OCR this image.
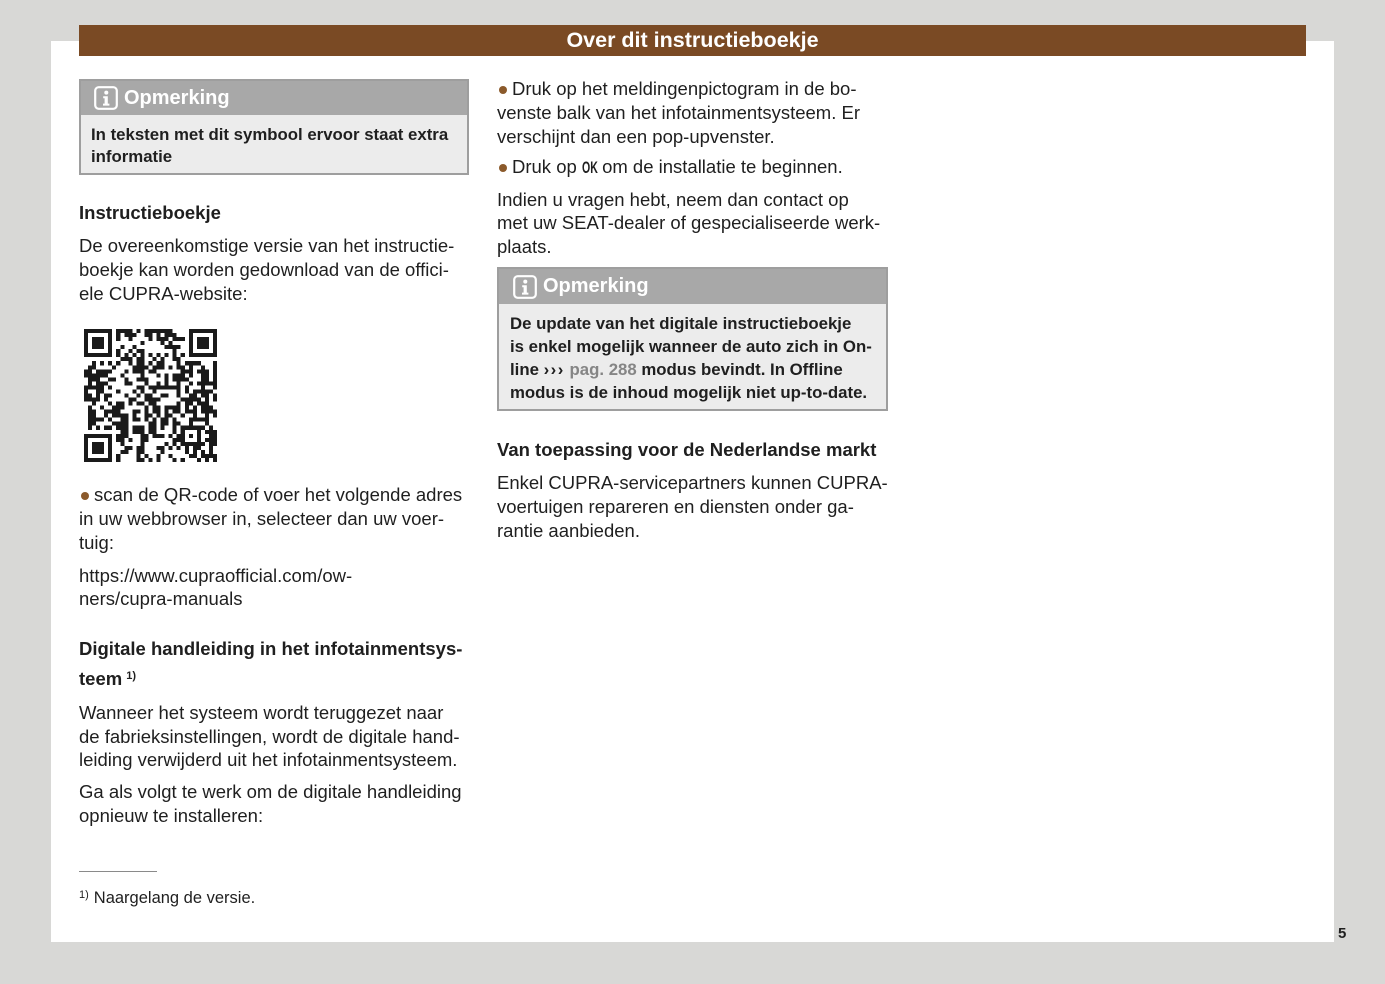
Over dit instructieboekje
Opmerking
In teksten met dit symbool ervoor staat extra
informatie
Instructieboekje
De overeenkomstige versie van het instructie-
boekje kan worden gedownload van de offici-
ele CUPRA-website:
scan de QR-code of voer het volgende adres
in uw webbrowser in, selecteer dan uw voer-
tuig:
https://www.cupraofficial.com/ow-
ners/cupra-manuals
Digitale handleiding in het infotainmentsys-
teem $^{1)}$
Wanneer het systeem wordt teruggezet naar
de fabrieksinstellingen, wordt de digitale hand-
leiding verwijderd uit het infotainmentsysteem.
Ga als volgt te werk om de digitale handleiding
opnieuw te installeren:
$^{1)}$ Naargelang de versie.
Druk op het meldingenpictogram in de bo-
venste balk van het infotainmentsysteem. Er
verschijnt dan een pop-upvenster.
Druk op OK om de installatie te beginnen.
Indien u vragen hebt, neem dan contact op
met uw SEAT-dealer of gespecialiseerde werk-
plaats.
Opmerking
De update van het digitale instructieboekje
is enkel mogelijk wanneer de auto zich in On-
line ››› pag. 288 modus bevindt. In Offline
modus is de inhoud mogelijk niet up-to-date.
Van toepassing voor de Nederlandse markt
Enkel CUPRA-servicepartners kunnen CUPRA-
voertuigen repareren en diensten onder ga-
rantie aanbieden.
5
